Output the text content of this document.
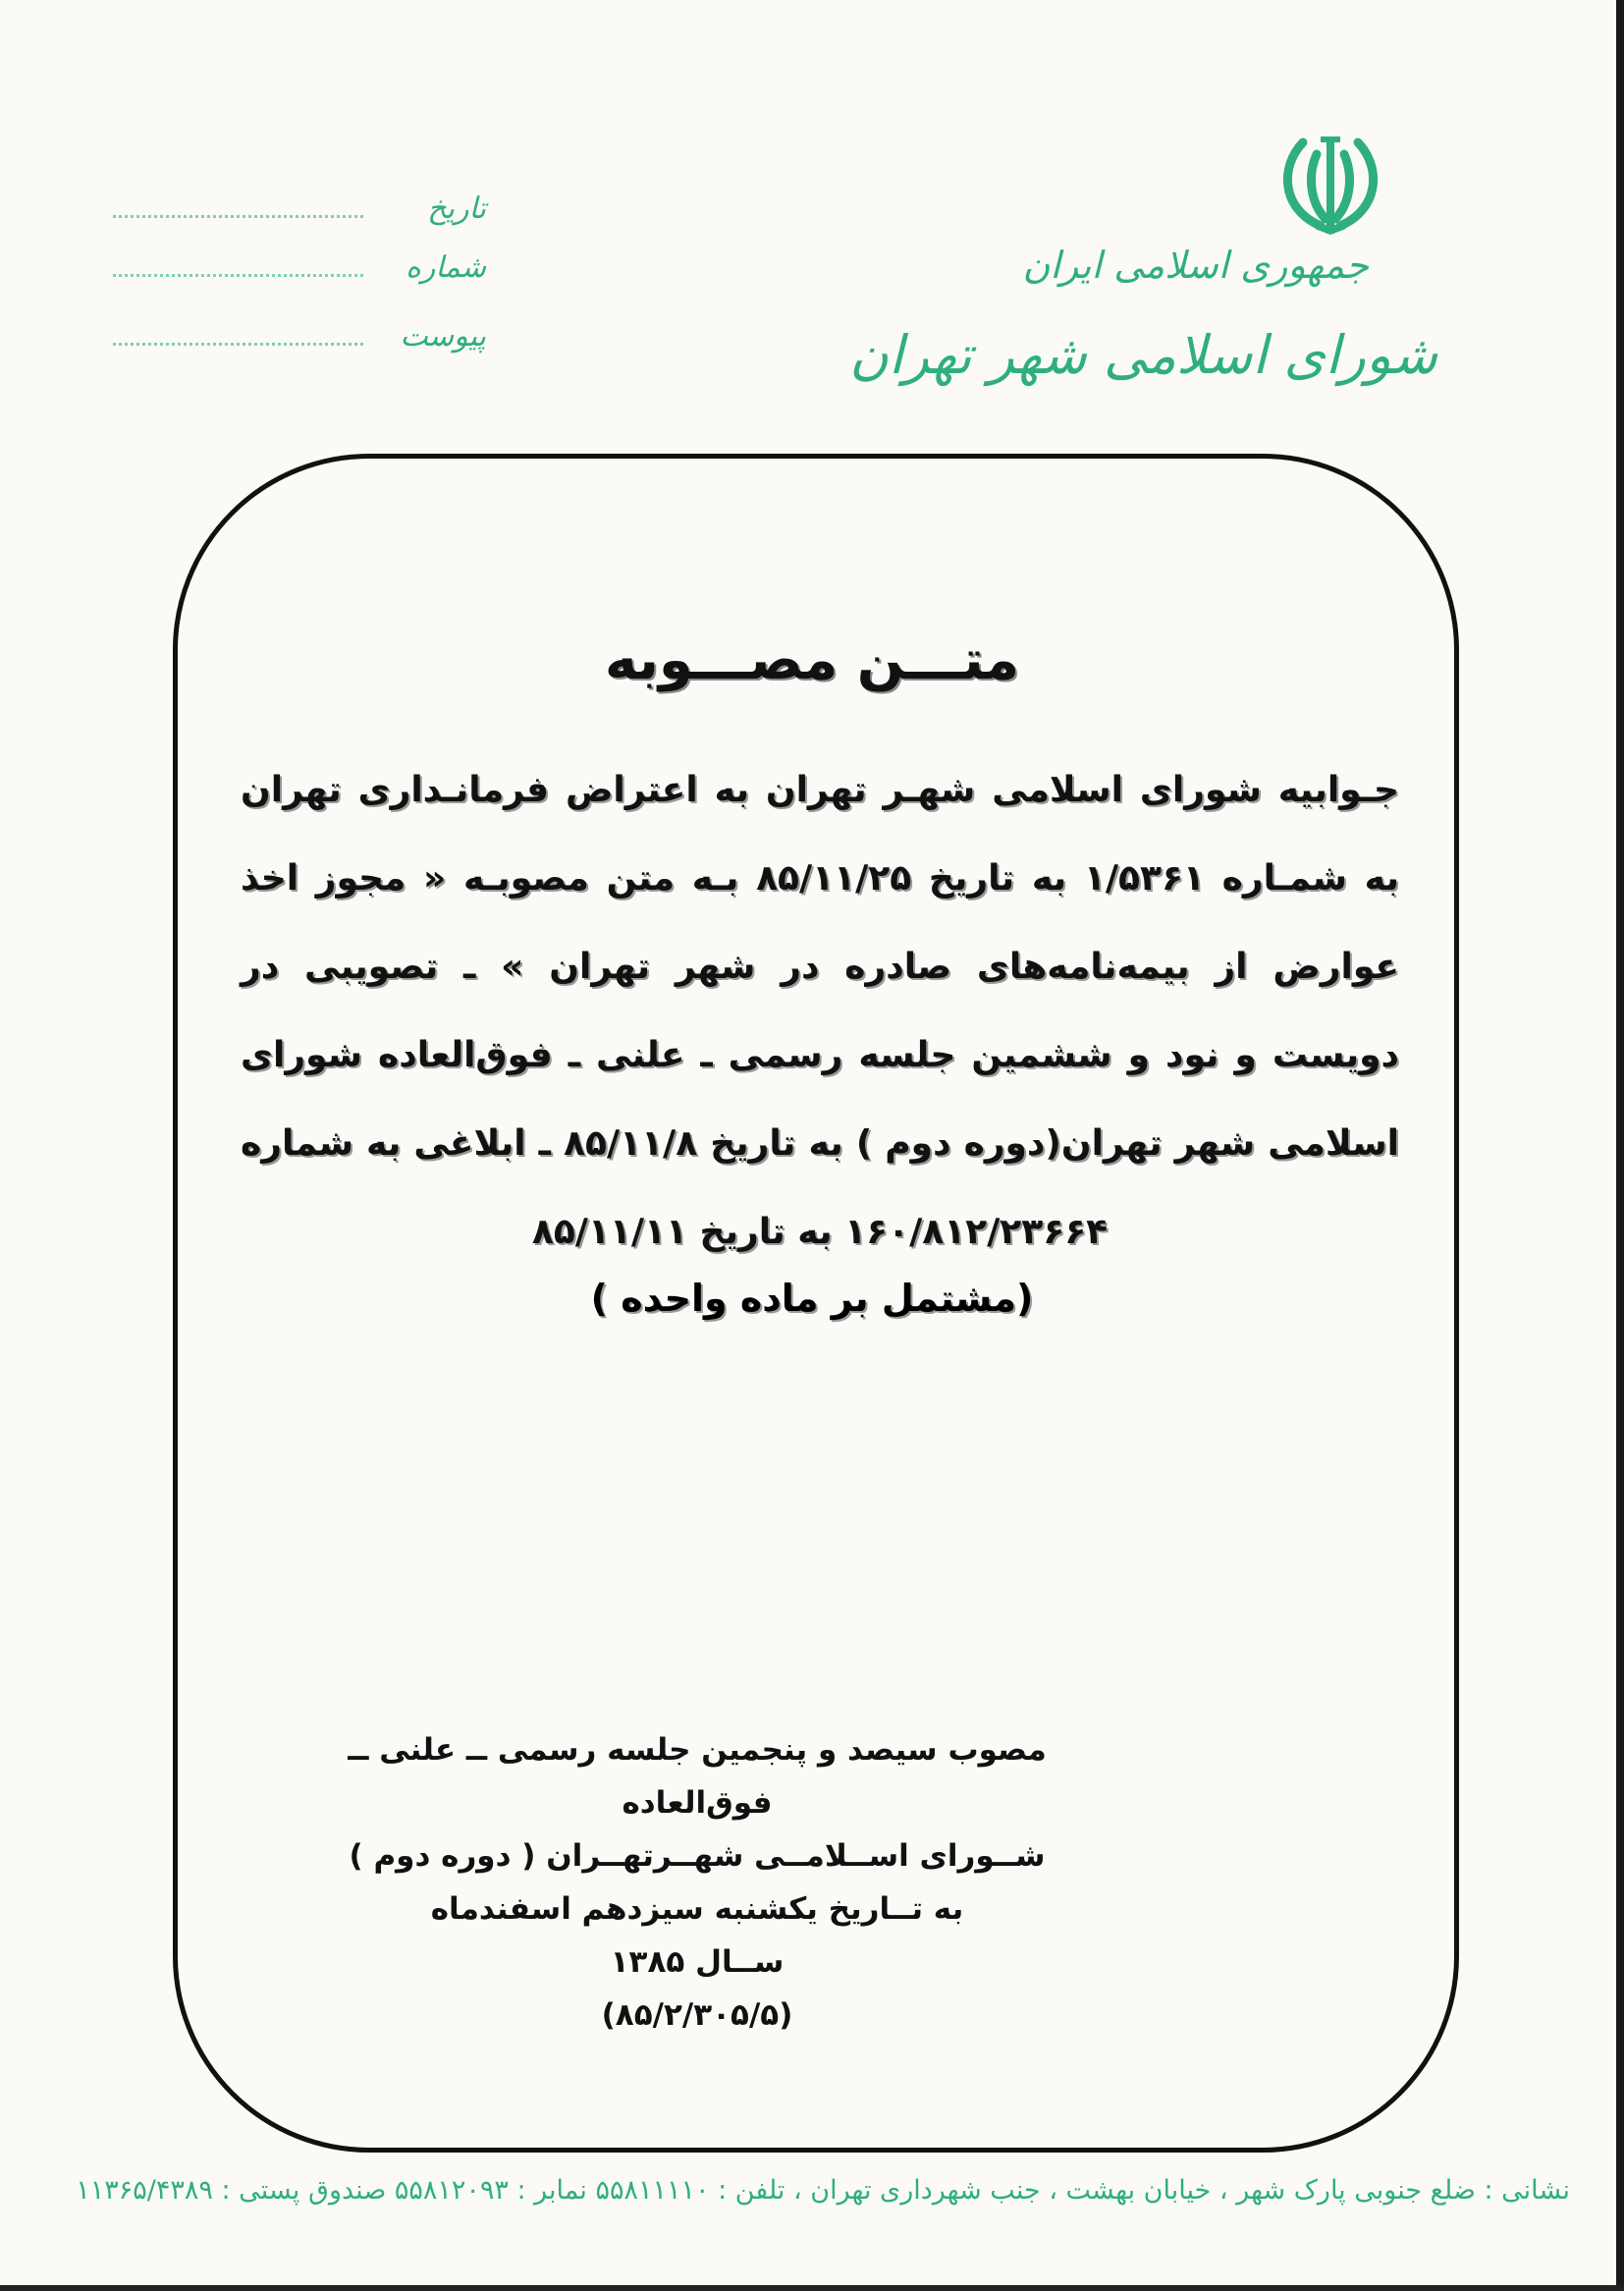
جمهوری اسلامی ایران
شورای اسلامی شهر تهران
تاریخ
شماره
پیوست
متـــن مصـــوبه
جـوابیه شورای اسلامی شهـر تهران به اعتراض فرمانـداری تهران به شمـاره ۱/۵۳۶۱ به تاریخ ۸۵/۱۱/۲۵ بـه متن مصوبـه « مجوز اخذ عوارض از بیمه‌نامه‌های صادره در شهر تهران » ـ تصویبی در دویست و نود و ششمین جلسه رسمی ـ علنی ـ فوق‌العاده شورای اسلامی شهر تهران(دوره دوم ) به تاریخ ۸۵/۱۱/۸ ـ ابلاغی به شماره ۱۶۰/۸۱۲/۲۳۶۶۴ به تاریخ ۸۵/۱۱/۱۱
(مشتمل بر ماده واحده )
مصوب سیصد و پنجمین جلسه رسمی ــ علنی ــ فوق‌العاده
شــورای اســلامــی شهــرتهــران ( دوره دوم )
به تــاریخ یکشنبه سیزدهم اسفندماه
ســال ۱۳۸۵
(۸۵/۲/۳۰۵/۵)
نشانی : ضلع جنوبی پارک شهر ، خیابان بهشت ، جنب شهرداری تهران ، تلفن : ۵۵۸۱۱۱۱۰ نمابر : ۵۵۸۱۲۰۹۳ صندوق پستی : ۱۱۳۶۵/۴۳۸۹
